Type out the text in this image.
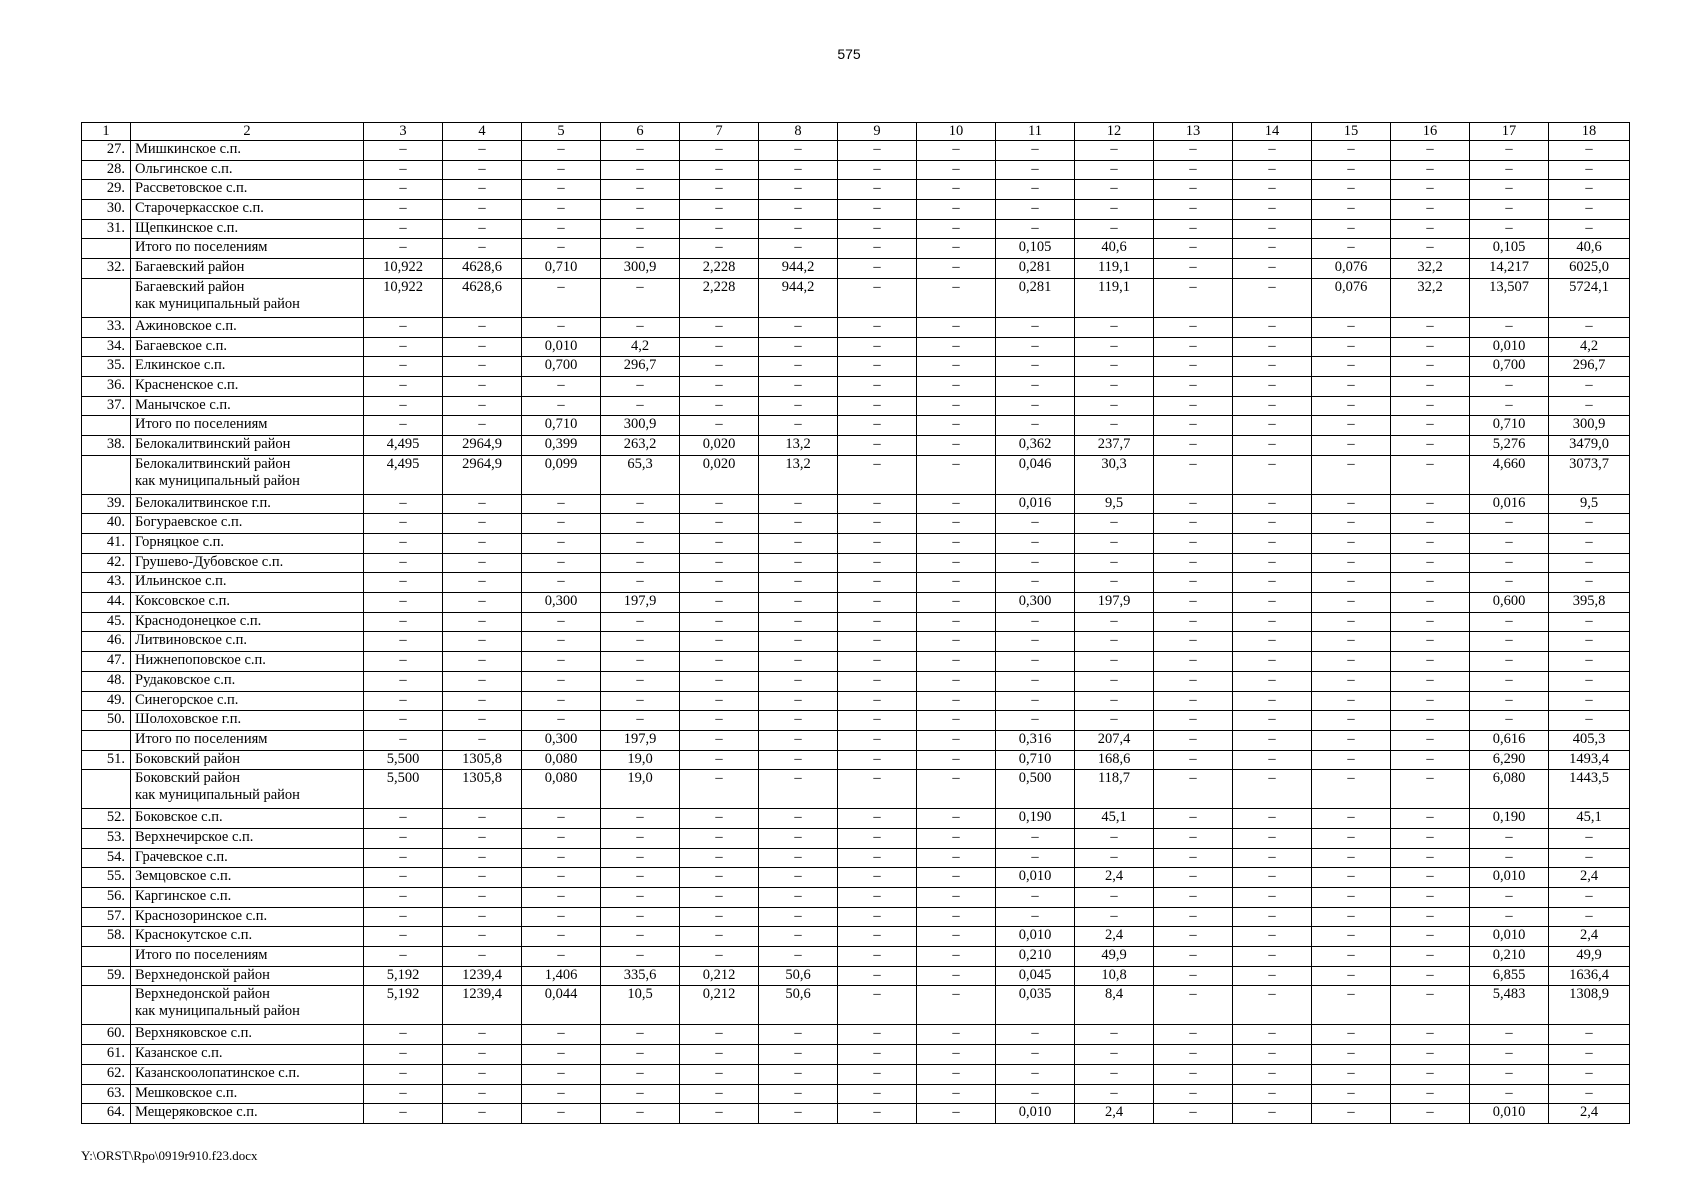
575
1	2	3	4	5	6	7	8	9	10	11	12	13	14	15	16	17	18
27.	Мишкинское с.п.	–	–	–	–	–	–	–	–	–	–	–	–	–	–	–	–
28.	Ольгинское с.п.	–	–	–	–	–	–	–	–	–	–	–	–	–	–	–	–
29.	Рассветовское с.п.	–	–	–	–	–	–	–	–	–	–	–	–	–	–	–	–
30.	Старочеркасское с.п.	–	–	–	–	–	–	–	–	–	–	–	–	–	–	–	–
31.	Щепкинское с.п.	–	–	–	–	–	–	–	–	–	–	–	–	–	–	–	–

	Итого по поселениям	–	–	–	–	–	–	–	–	0,105	40,6	–	–	–	–	0,105	40,6
32.	Багаевский район	10,922	4628,6	0,710	300,9	2,228	944,2	–	–	0,281	119,1	–	–	0,076	32,2	14,217	6025,0

	Багаевский район
как муниципальный район	10,922	4628,6	–	–	2,228	944,2	–	–	0,281	119,1	–	–	0,076	32,2	13,507	5724,1
33.	Ажиновское с.п.	–	–	–	–	–	–	–	–	–	–	–	–	–	–	–	–
34.	Багаевское с.п.	–	–	0,010	4,2	–	–	–	–	–	–	–	–	–	–	0,010	4,2
35.	Елкинское с.п.	–	–	0,700	296,7	–	–	–	–	–	–	–	–	–	–	0,700	296,7
36.	Красненское с.п.	–	–	–	–	–	–	–	–	–	–	–	–	–	–	–	–
37.	Манычское с.п.	–	–	–	–	–	–	–	–	–	–	–	–	–	–	–	–

	Итого по поселениям	–	–	0,710	300,9	–	–	–	–	–	–	–	–	–	–	0,710	300,9
38.	Белокалитвинский район	4,495	2964,9	0,399	263,2	0,020	13,2	–	–	0,362	237,7	–	–	–	–	5,276	3479,0

	Белокалитвинский район
как муниципальный район	4,495	2964,9	0,099	65,3	0,020	13,2	–	–	0,046	30,3	–	–	–	–	4,660	3073,7
39.	Белокалитвинское г.п.	–	–	–	–	–	–	–	–	0,016	9,5	–	–	–	–	0,016	9,5
40.	Богураевское с.п.	–	–	–	–	–	–	–	–	–	–	–	–	–	–	–	–
41.	Горняцкое с.п.	–	–	–	–	–	–	–	–	–	–	–	–	–	–	–	–
42.	Грушево-Дубовское с.п.	–	–	–	–	–	–	–	–	–	–	–	–	–	–	–	–
43.	Ильинское с.п.	–	–	–	–	–	–	–	–	–	–	–	–	–	–	–	–
44.	Коксовское с.п.	–	–	0,300	197,9	–	–	–	–	0,300	197,9	–	–	–	–	0,600	395,8
45.	Краснодонецкое с.п.	–	–	–	–	–	–	–	–	–	–	–	–	–	–	–	–
46.	Литвиновское с.п.	–	–	–	–	–	–	–	–	–	–	–	–	–	–	–	–
47.	Нижнепоповское с.п.	–	–	–	–	–	–	–	–	–	–	–	–	–	–	–	–
48.	Рудаковское с.п.	–	–	–	–	–	–	–	–	–	–	–	–	–	–	–	–
49.	Синегорское с.п.	–	–	–	–	–	–	–	–	–	–	–	–	–	–	–	–
50.	Шолоховское г.п.	–	–	–	–	–	–	–	–	–	–	–	–	–	–	–	–

	Итого по поселениям	–	–	0,300	197,9	–	–	–	–	0,316	207,4	–	–	–	–	0,616	405,3
51.	Боковский район	5,500	1305,8	0,080	19,0	–	–	–	–	0,710	168,6	–	–	–	–	6,290	1493,4

	Боковский район
как муниципальный район	5,500	1305,8	0,080	19,0	–	–	–	–	0,500	118,7	–	–	–	–	6,080	1443,5
52.	Боковское с.п.	–	–	–	–	–	–	–	–	0,190	45,1	–	–	–	–	0,190	45,1
53.	Верхнечирское с.п.	–	–	–	–	–	–	–	–	–	–	–	–	–	–	–	–
54.	Грачевское с.п.	–	–	–	–	–	–	–	–	–	–	–	–	–	–	–	–
55.	Земцовское с.п.	–	–	–	–	–	–	–	–	0,010	2,4	–	–	–	–	0,010	2,4
56.	Каргинское с.п.	–	–	–	–	–	–	–	–	–	–	–	–	–	–	–	–
57.	Краснозоринское с.п.	–	–	–	–	–	–	–	–	–	–	–	–	–	–	–	–
58.	Краснокутское с.п.	–	–	–	–	–	–	–	–	0,010	2,4	–	–	–	–	0,010	2,4

	Итого по поселениям	–	–	–	–	–	–	–	–	0,210	49,9	–	–	–	–	0,210	49,9
59.	Верхнедонской район	5,192	1239,4	1,406	335,6	0,212	50,6	–	–	0,045	10,8	–	–	–	–	6,855	1636,4

	Верхнедонской район
как муниципальный район	5,192	1239,4	0,044	10,5	0,212	50,6	–	–	0,035	8,4	–	–	–	–	5,483	1308,9
60.	Верхняковское с.п.	–	–	–	–	–	–	–	–	–	–	–	–	–	–	–	–
61.	Казанское с.п.	–	–	–	–	–	–	–	–	–	–	–	–	–	–	–	–
62.	Казанскоолопатинское с.п.	–	–	–	–	–	–	–	–	–	–	–	–	–	–	–	–
63.	Мешковское с.п.	–	–	–	–	–	–	–	–	–	–	–	–	–	–	–	–
64.	Мещеряковское с.п.	–	–	–	–	–	–	–	–	0,010	2,4	–	–	–	–	0,010	2,4
Y:\ORST\Rpo\0919r910.f23.docx
